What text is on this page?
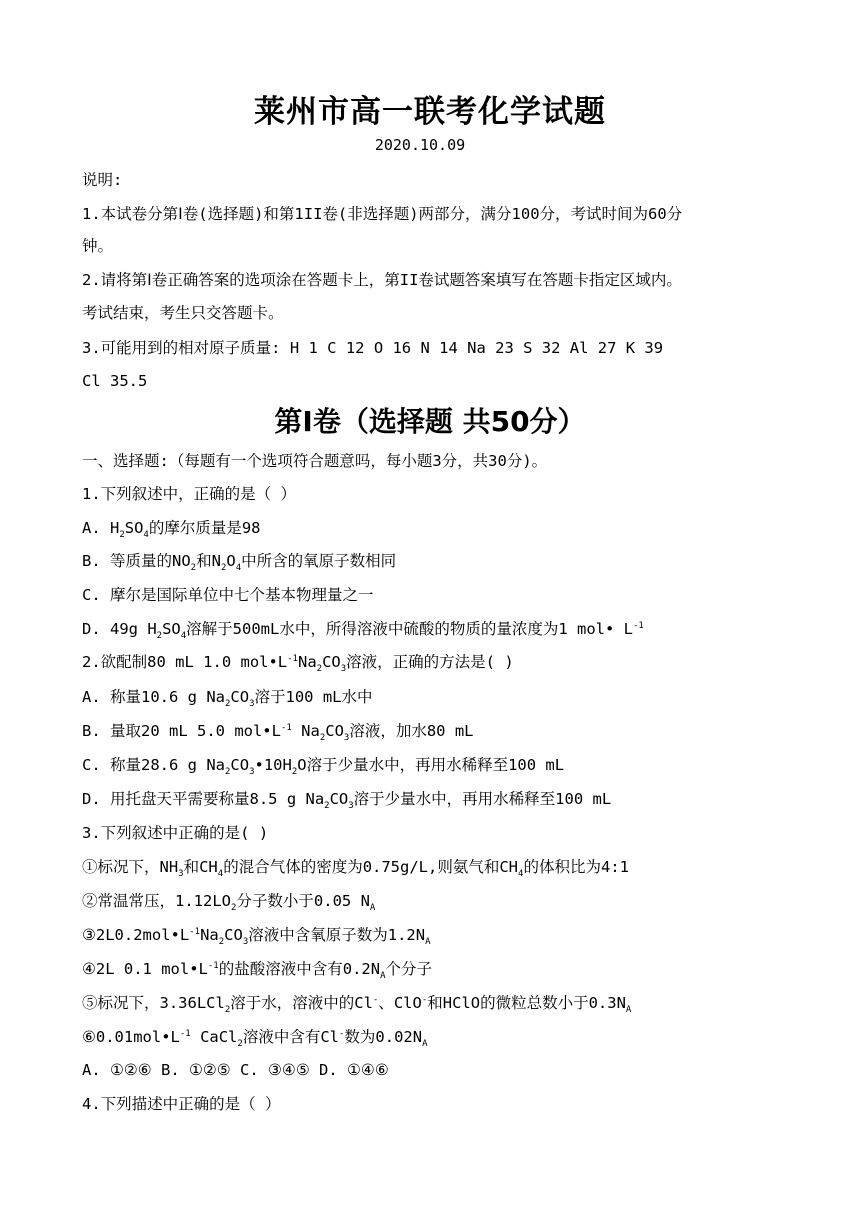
莱州市高一联考化学试题
2020.10.09
说明:
1.本试卷分第Ⅰ卷(选择题)和第1II卷(非选择题)两部分，满分100分，考试时间为60分
钟。
2.请将第Ⅰ卷正确答案的选项涂在答题卡上，第II卷试题答案填写在答题卡指定区域内。
考试结束，考生只交答题卡。
3.可能用到的相对原子质量: H 1 C 12 O 16 N 14 Na 23 S 32 Al 27 K 39
Cl 35.5
第Ⅰ卷（选择题 共50分）
一、选择题:（每题有一个选项符合题意吗，每小题3分，共30分)。
1.下列叙述中，正确的是（ ）
A. $H_2SO_4$的摩尔质量是98
B. 等质量的$NO_2$和$N_2O_4$中所含的氧原子数相同
C. 摩尔是国际单位中七个基本物理量之一
D. 49g $H_2SO_4$溶解于500mL水中，所得溶液中硫酸的物质的量浓度为1 mol• $L^{-1}$
2.欲配制80 mL 1.0 $mol•L^{-1}Na_2CO_3$溶液，正确的方法是( )
A. 称量10.6 g $Na_2CO_3$溶于100 mL水中
B. 量取20 mL 5.0 $mol•L^{-1}$ $Na_2CO_3$溶液，加水80 mL
C. 称量28.6 g $Na_2CO_3•10H_2O$溶于少量水中，再用水稀释至100 mL
D. 用托盘天平需要称量8.5 g $Na_2CO_3$溶于少量水中，再用水稀释至100 mL
3.下列叙述中正确的是( )
①标况下，$NH_3$和$CH_4$的混合气体的密度为0.75g/L,则氨气和$CH_4$的体积比为4:1
②常温常压，$1.12LO_2$分子数小于0.05 $N_A$
$③2L0.2mol•L^{-1}Na_2CO_3$溶液中含氧原子数为$1.2N_A$
④2L 0.1 $mol•L^{-1}$的盐酸溶液中含有$0.2N_A$个分子
⑤标况下，3.36LCl$_2$溶于水，溶液中的Cl-、ClO-和HClO的微粒总数小于$0.3N_A$
$⑥0.01mol•L^{-1}$ CaCl$_2$溶液中含有Cl-数为$0.02N_A$
A. ①②⑥ B. ①②⑤ C. ③④⑤ D. ①④⑥
4.下列描述中正确的是（ ）
